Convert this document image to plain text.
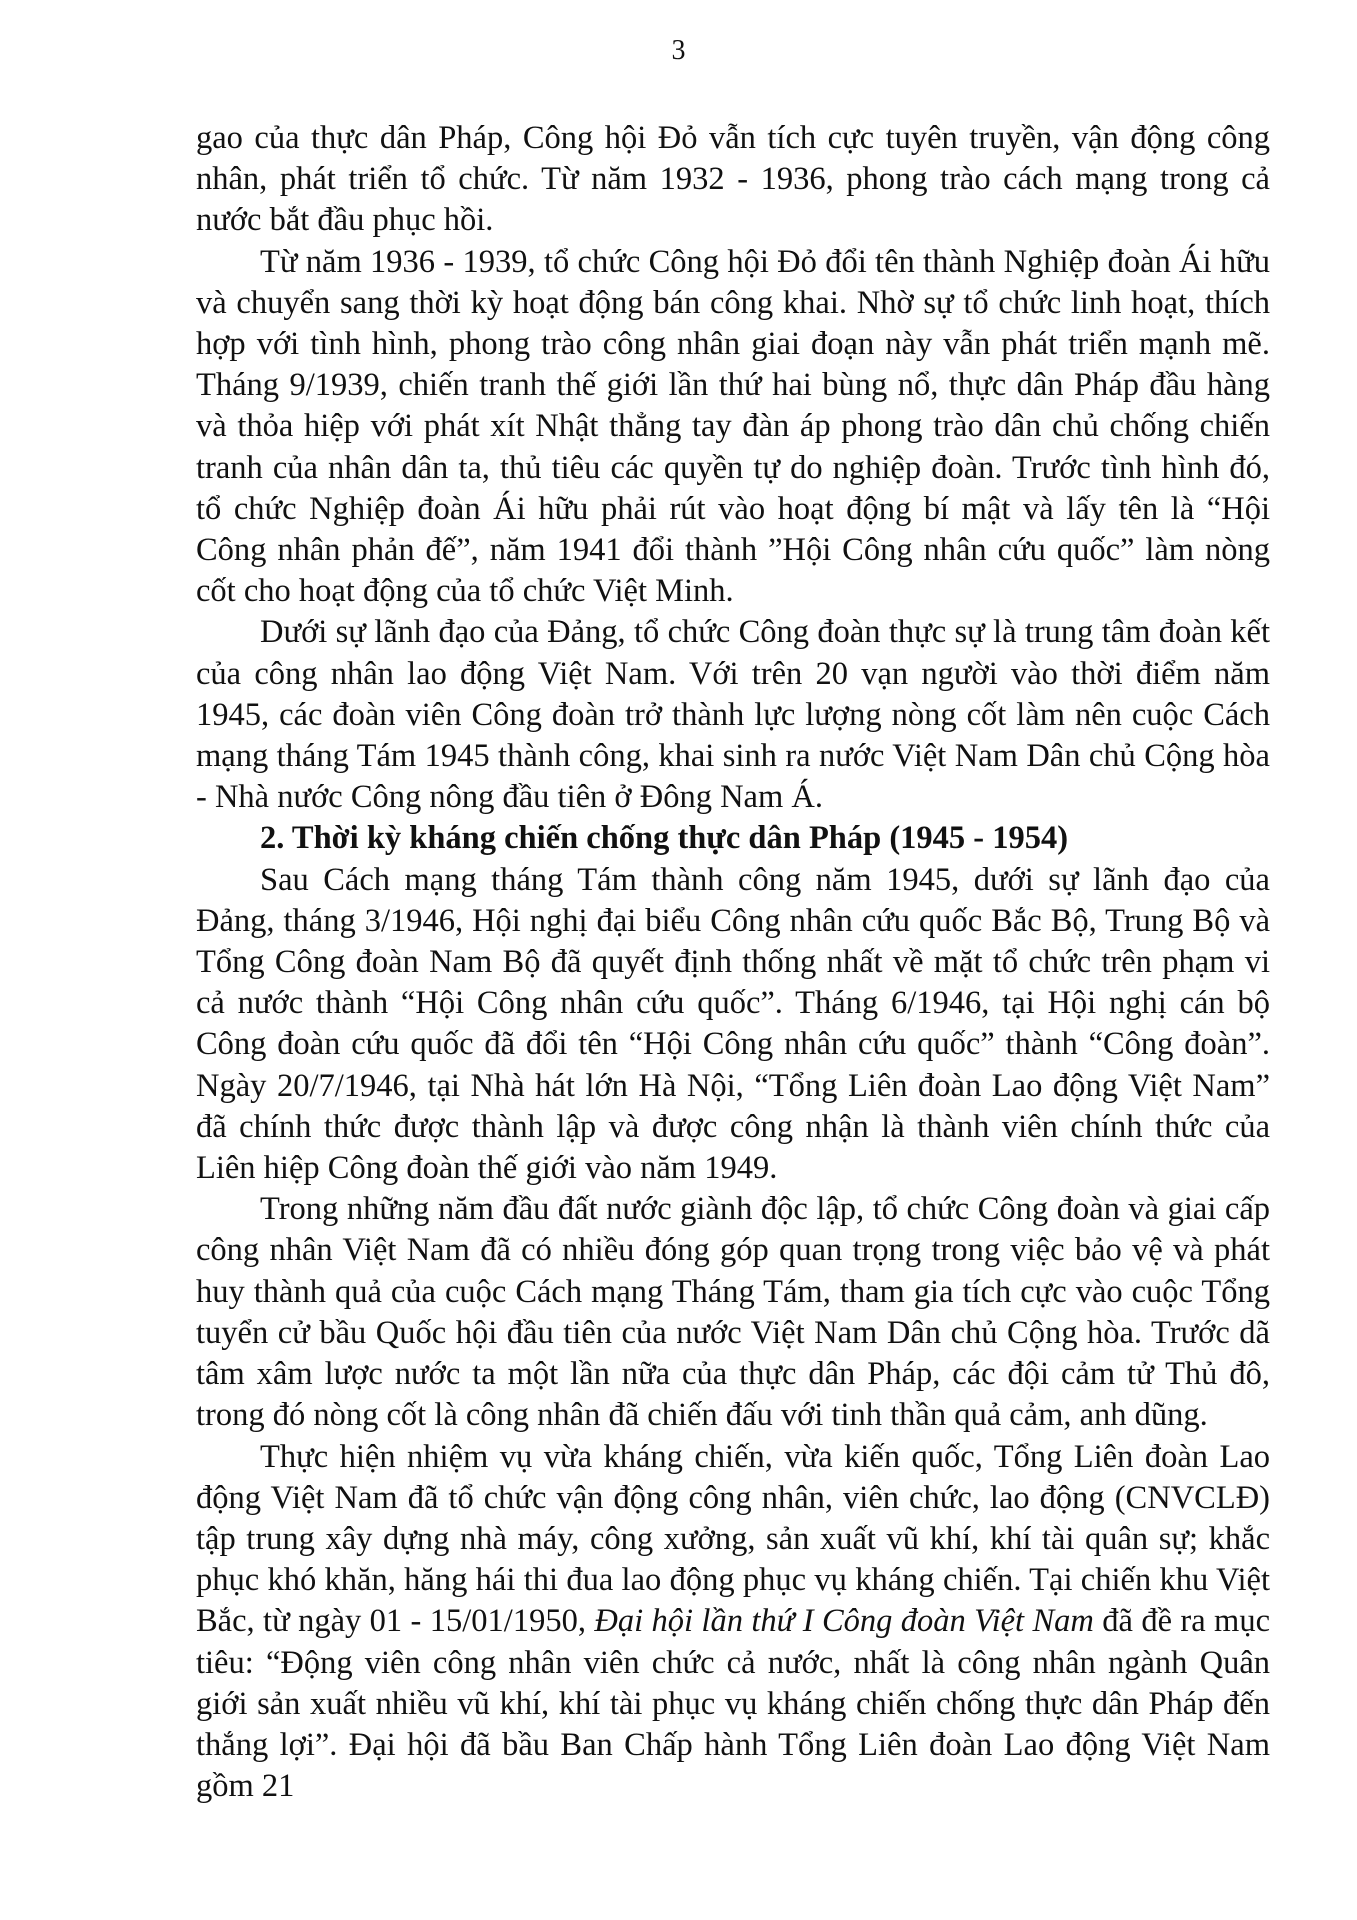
3

gao của thực dân Pháp, Công hội Đỏ vẫn tích cực tuyên truyền, vận động công nhân, phát triển tổ chức. Từ năm 1932 - 1936, phong trào cách mạng trong cả nước bắt đầu phục hồi.

Từ năm 1936 - 1939, tổ chức Công hội Đỏ đổi tên thành Nghiệp đoàn Ái hữu và chuyển sang thời kỳ hoạt động bán công khai. Nhờ sự tổ chức linh hoạt, thích hợp với tình hình, phong trào công nhân giai đoạn này vẫn phát triển mạnh mẽ. Tháng 9/1939, chiến tranh thế giới lần thứ hai bùng nổ, thực dân Pháp đầu hàng và thỏa hiệp với phát xít Nhật thẳng tay đàn áp phong trào dân chủ chống chiến tranh của nhân dân ta, thủ tiêu các quyền tự do nghiệp đoàn. Trước tình hình đó, tổ chức Nghiệp đoàn Ái hữu phải rút vào hoạt động bí mật và lấy tên là “Hội Công nhân phản đế”, năm 1941 đổi thành ”Hội Công nhân cứu quốc” làm nòng cốt cho hoạt động của tổ chức Việt Minh.

Dưới sự lãnh đạo của Đảng, tổ chức Công đoàn thực sự là trung tâm đoàn kết của công nhân lao động Việt Nam. Với trên 20 vạn người vào thời điểm năm 1945, các đoàn viên Công đoàn trở thành lực lượng nòng cốt làm nên cuộc Cách mạng tháng Tám 1945 thành công, khai sinh ra nước Việt Nam Dân chủ Cộng hòa - Nhà nước Công nông đầu tiên ở Đông Nam Á.

2. Thời kỳ kháng chiến chống thực dân Pháp (1945 - 1954)

Sau Cách mạng tháng Tám thành công năm 1945, dưới sự lãnh đạo của Đảng, tháng 3/1946, Hội nghị đại biểu Công nhân cứu quốc Bắc Bộ, Trung Bộ và Tổng Công đoàn Nam Bộ đã quyết định thống nhất về mặt tổ chức trên phạm vi cả nước thành “Hội Công nhân cứu quốc”. Tháng 6/1946, tại Hội nghị cán bộ Công đoàn cứu quốc đã đổi tên “Hội Công nhân cứu quốc” thành “Công đoàn”. Ngày 20/7/1946, tại Nhà hát lớn Hà Nội, “Tổng Liên đoàn Lao động Việt Nam” đã chính thức được thành lập và được công nhận là thành viên chính thức của Liên hiệp Công đoàn thế giới vào năm 1949.

Trong những năm đầu đất nước giành độc lập, tổ chức Công đoàn và giai cấp công nhân Việt Nam đã có nhiều đóng góp quan trọng trong việc bảo vệ và phát huy thành quả của cuộc Cách mạng Tháng Tám, tham gia tích cực vào cuộc Tổng tuyển cử bầu Quốc hội đầu tiên của nước Việt Nam Dân chủ Cộng hòa. Trước dã tâm xâm lược nước ta một lần nữa của thực dân Pháp, các đội cảm tử Thủ đô, trong đó nòng cốt là công nhân đã chiến đấu với tinh thần quả cảm, anh dũng.

Thực hiện nhiệm vụ vừa kháng chiến, vừa kiến quốc, Tổng Liên đoàn Lao động Việt Nam đã tổ chức vận động công nhân, viên chức, lao động (CNVCLĐ) tập trung xây dựng nhà máy, công xưởng, sản xuất vũ khí, khí tài quân sự; khắc phục khó khăn, hăng hái thi đua lao động phục vụ kháng chiến. Tại chiến khu Việt Bắc, từ ngày 01 - 15/01/1950, Đại hội lần thứ I Công đoàn Việt Nam đã đề ra mục tiêu: “Động viên công nhân viên chức cả nước, nhất là công nhân ngành Quân giới sản xuất nhiều vũ khí, khí tài phục vụ kháng chiến chống thực dân Pháp đến thắng lợi”. Đại hội đã bầu Ban Chấp hành Tổng Liên đoàn Lao động Việt Nam gồm 21
